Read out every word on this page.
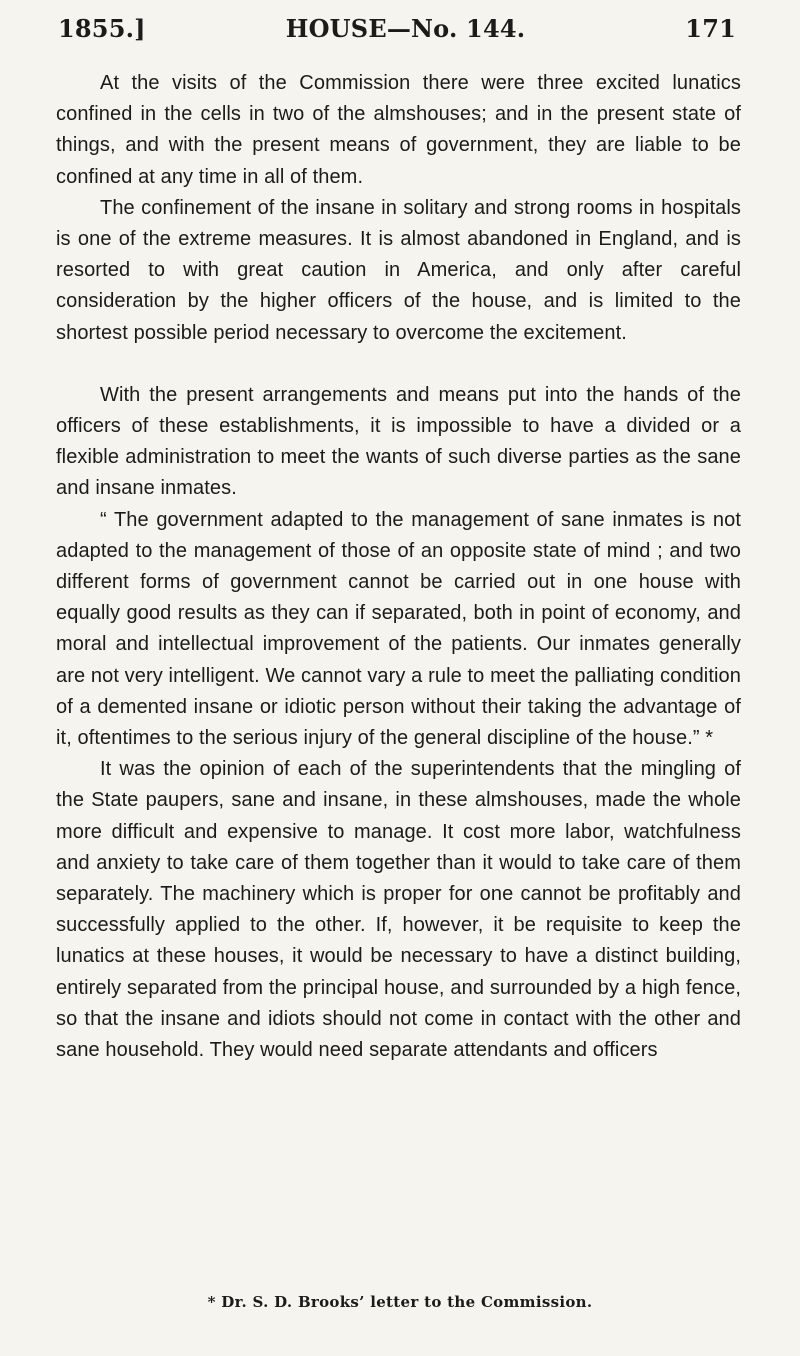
1855.]	HOUSE—No. 144.	171

At the visits of the Commission there were three excited lunatics confined in the cells in two of the almshouses; and in the present state of things, and with the present means of government, they are liable to be confined at any time in all of them.

The confinement of the insane in solitary and strong rooms in hospitals is one of the extreme measures. It is almost abandoned in England, and is resorted to with great caution in America, and only after careful consideration by the higher officers of the house, and is limited to the shortest possible period necessary to overcome the excitement.

With the present arrangements and means put into the hands of the officers of these establishments, it is impossible to have a divided or a flexible administration to meet the wants of such diverse parties as the sane and insane inmates.

“ The government adapted to the management of sane inmates is not adapted to the management of those of an opposite state of mind ; and two different forms of government cannot be carried out in one house with equally good results as they can if separated, both in point of economy, and moral and intellectual improvement of the patients. Our inmates generally are not very intelligent. We cannot vary a rule to meet the palliating condition of a demented insane or idiotic person without their taking the advantage of it, oftentimes to the serious injury of the general discipline of the house.” *

It was the opinion of each of the superintendents that the mingling of the State paupers, sane and insane, in these almshouses, made the whole more difficult and expensive to manage. It cost more labor, watchfulness and anxiety to take care of them together than it would to take care of them separately. The machinery which is proper for one cannot be profitably and successfully applied to the other. If, however, it be requisite to keep the lunatics at these houses, it would be necessary to have a distinct building, entirely separated from the principal house, and surrounded by a high fence, so that the insane and idiots should not come in contact with the other and sane household. They would need separate attendants and officers

* Dr. S. D. Brooks’ letter to the Commission.
